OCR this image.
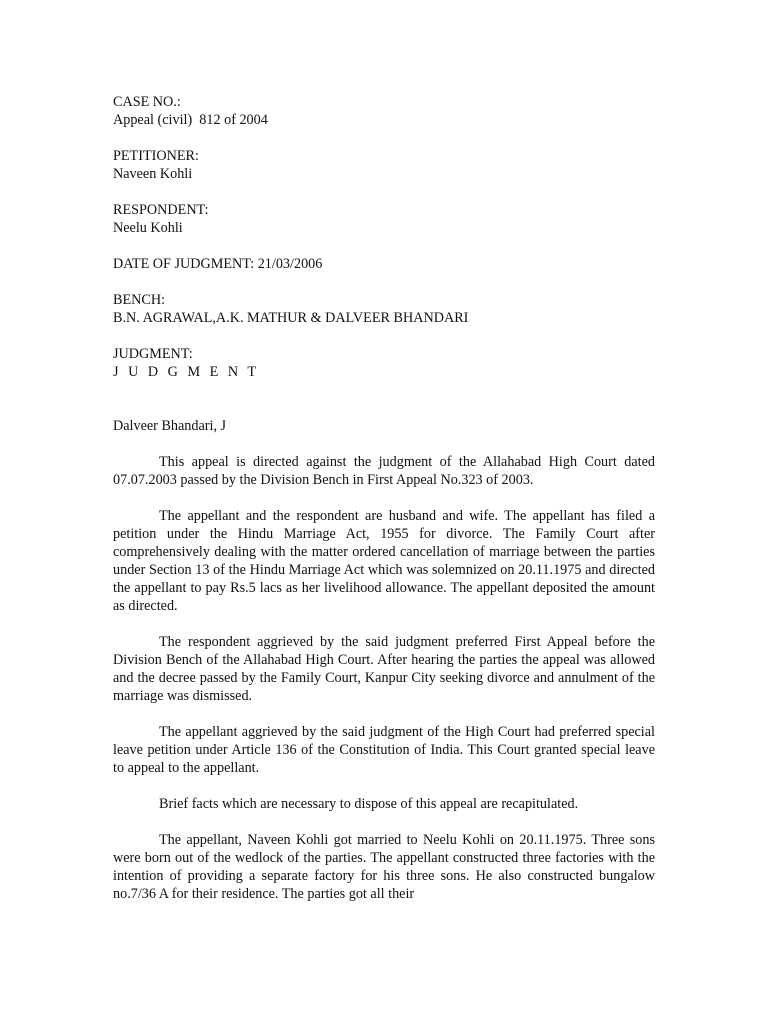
CASE NO.:
Appeal (civil)  812 of 2004
PETITIONER:
Naveen Kohli
RESPONDENT:
Neelu Kohli
DATE OF JUDGMENT: 21/03/2006
BENCH:
B.N. AGRAWAL,A.K. MATHUR & DALVEER BHANDARI
JUDGMENT:
J U D G M E N T
Dalveer Bhandari, J

This appeal is directed against the judgment of the Allahabad High Court dated 07.07.2003 passed by the Division Bench in First Appeal No.323 of 2003.

The appellant and the respondent are husband and wife. The appellant has filed a petition under the Hindu Marriage Act, 1955 for divorce. The Family Court after comprehensively dealing with the matter ordered cancellation of marriage between the parties under Section 13 of the Hindu Marriage Act which was solemnized on 20.11.1975 and directed the appellant to pay Rs.5 lacs as her livelihood allowance. The appellant deposited the amount as directed.

The respondent aggrieved by the said judgment preferred First Appeal before the Division Bench of the Allahabad High Court. After hearing the parties the appeal was allowed and the decree passed by the Family Court, Kanpur City seeking divorce and annulment of the marriage was dismissed.

The appellant aggrieved by the said judgment of the High Court had preferred special leave petition under Article 136 of the Constitution of India. This Court granted special leave to appeal to the appellant.

Brief facts which are necessary to dispose of this appeal are recapitulated.

The appellant, Naveen Kohli got married to Neelu Kohli on 20.11.1975. Three sons were born out of the wedlock of the parties. The appellant constructed three factories with the intention of providing a separate factory for his three sons. He also constructed bungalow no.7/36 A for their residence. The parties got all their
